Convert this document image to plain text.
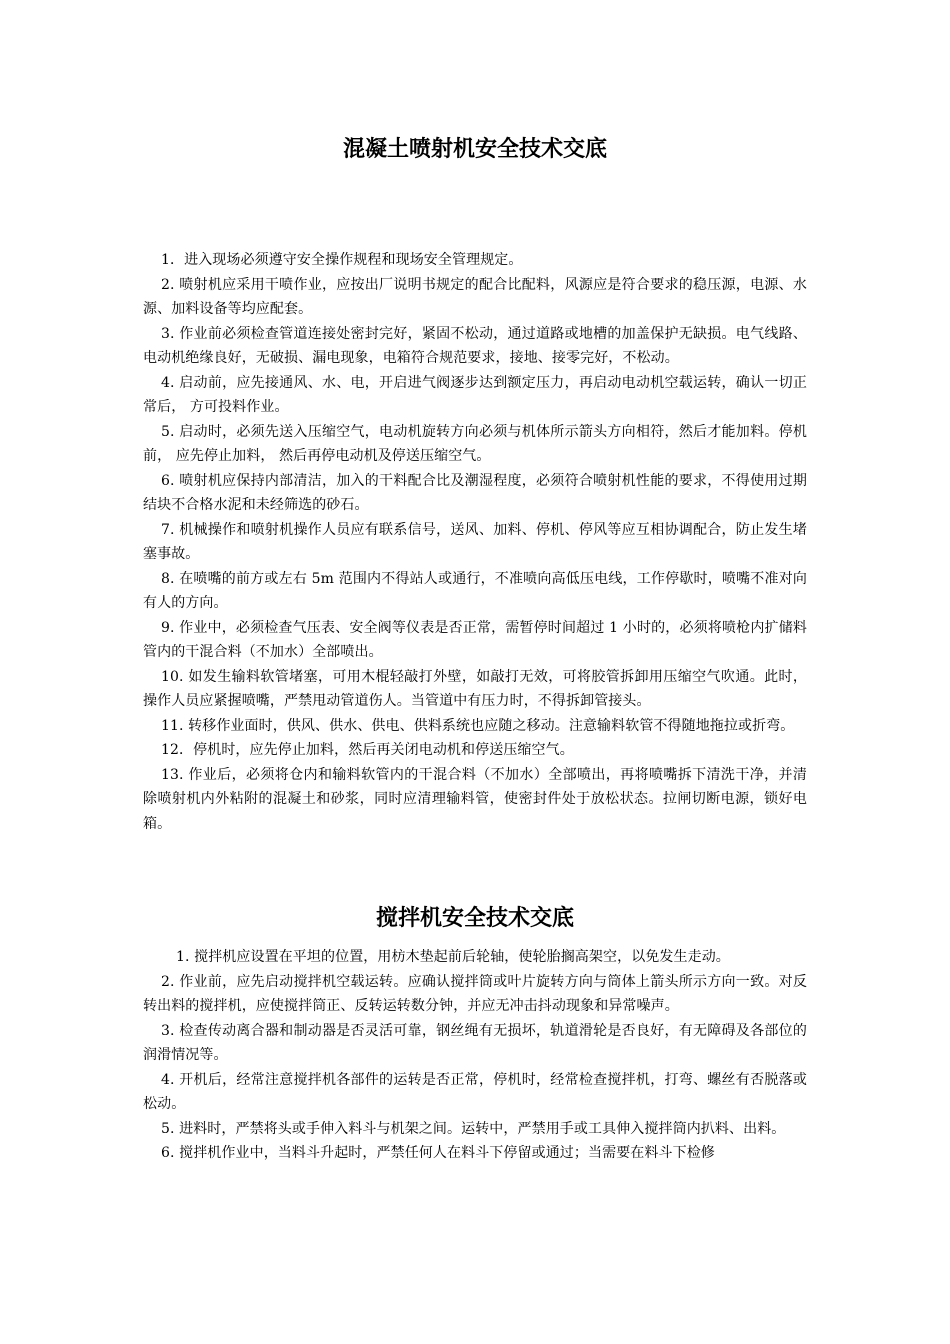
混凝土喷射机安全技术交底

1．进入现场必须遵守安全操作规程和现场安全管理规定。

2. 喷射机应采用干喷作业，应按出厂说明书规定的配合比配料，风源应是符合要求的稳压源，电源、水源、加料设备等均应配套。

3. 作业前必须检查管道连接处密封完好，紧固不松动，通过道路或地槽的加盖保护无缺损。电气线路、电动机绝缘良好，无破损、漏电现象，电箱符合规范要求，接地、接零完好，不松动。

4. 启动前，应先接通风、水、电，开启进气阀逐步达到额定压力，再启动电动机空载运转，确认一切正常后， 方可投料作业。

5. 启动时，必须先送入压缩空气，电动机旋转方向必须与机体所示箭头方向相符，然后才能加料。停机前， 应先停止加料， 然后再停电动机及停送压缩空气。

6. 喷射机应保持内部清洁，加入的干料配合比及潮湿程度，必须符合喷射机性能的要求，不得使用过期结块不合格水泥和未经筛选的砂石。

7. 机械操作和喷射机操作人员应有联系信号，送风、加料、停机、停风等应互相协调配合，防止发生堵塞事故。

8. 在喷嘴的前方或左右 5m 范围内不得站人或通行，不准喷向高低压电线，工作停歇时，喷嘴不准对向有人的方向。

9. 作业中，必须检查气压表、安全阀等仪表是否正常，需暂停时间超过 1 小时的，必须将喷枪内扩储料管内的干混合料（不加水）全部喷出。

10. 如发生输料软管堵塞，可用木棍轻敲打外壁，如敲打无效，可将胶管拆卸用压缩空气吹通。此时，操作人员应紧握喷嘴，严禁甩动管道伤人。当管道中有压力时，不得拆卸管接头。

11. 转移作业面时，供风、供水、供电、供料系统也应随之移动。注意输料软管不得随地拖拉或折弯。

12．停机时，应先停止加料，然后再关闭电动机和停送压缩空气。

13. 作业后，必须将仓内和输料软管内的干混合料（不加水）全部喷出，再将喷嘴拆下清洗干净，并清除喷射机内外粘附的混凝土和砂浆，同时应清理输料管，使密封件处于放松状态。拉闸切断电源，锁好电箱。

搅拌机安全技术交底

1. 搅拌机应设置在平坦的位置，用枋木垫起前后轮轴，使轮胎搁高架空，以免发生走动。

2. 作业前，应先启动搅拌机空载运转。应确认搅拌筒或叶片旋转方向与筒体上箭头所示方向一致。对反转出料的搅拌机，应使搅拌筒正、反转运转数分钟，并应无冲击抖动现象和异常噪声。

3. 检查传动离合器和制动器是否灵活可靠，钢丝绳有无损坏，轨道滑轮是否良好，有无障碍及各部位的润滑情况等。

4. 开机后，经常注意搅拌机各部件的运转是否正常，停机时，经常检查搅拌机，打弯、螺丝有否脱落或松动。

5. 进料时，严禁将头或手伸入料斗与机架之间。运转中，严禁用手或工具伸入搅拌筒内扒料、出料。

6. 搅拌机作业中，当料斗升起时，严禁任何人在料斗下停留或通过；当需要在料斗下检修
